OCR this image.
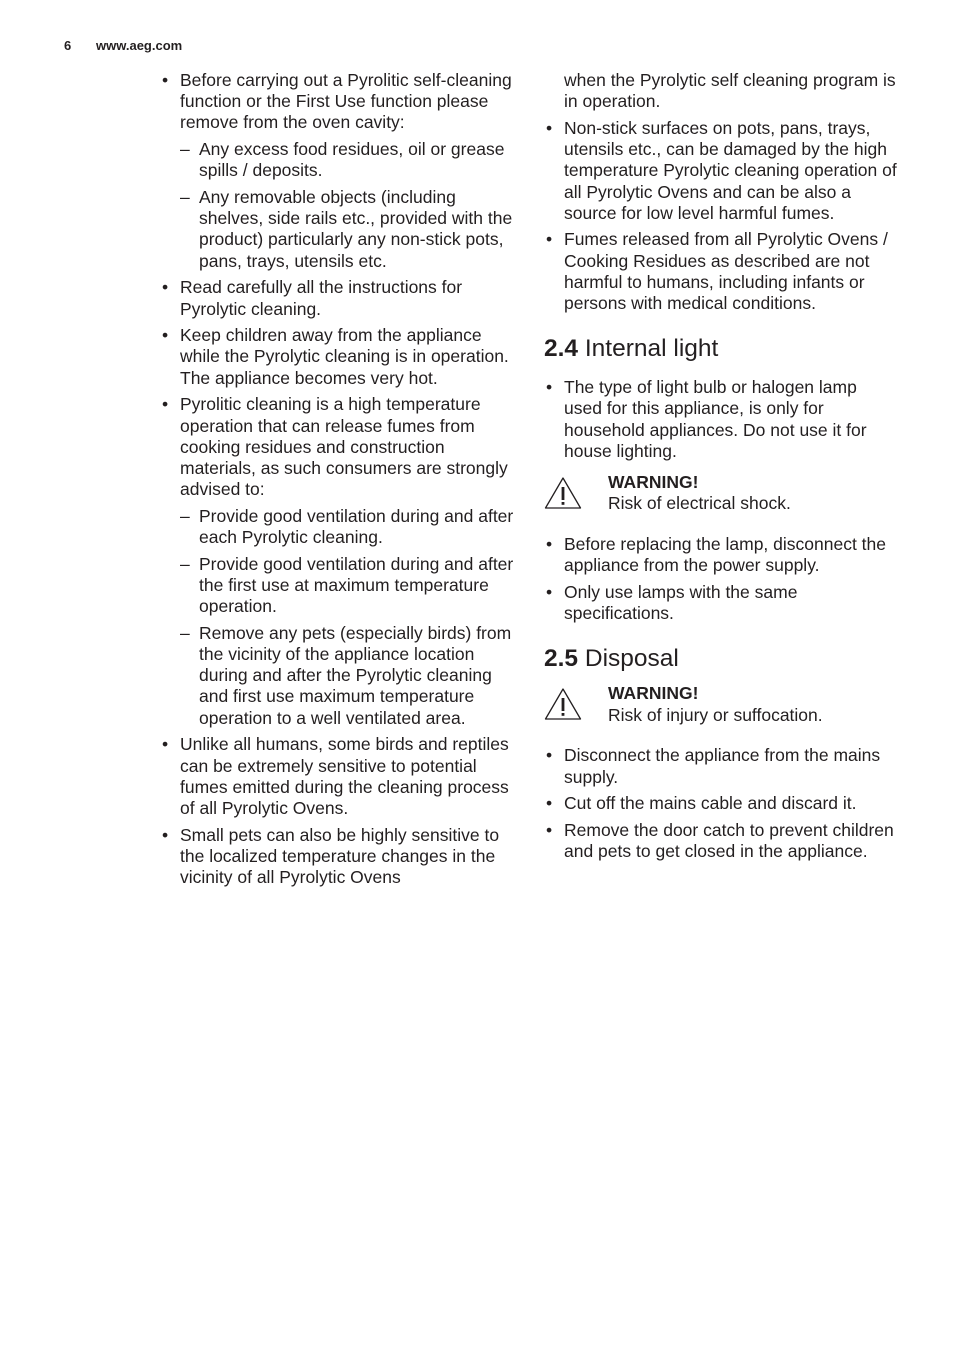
6 www.aeg.com
• Before carrying out a Pyrolitic self-cleaning function or the First Use function please remove from the oven cavity:
– Any excess food residues, oil or grease spills / deposits.
– Any removable objects (including shelves, side rails etc., provided with the product) particularly any non-stick pots, pans, trays, utensils etc.
• Read carefully all the instructions for Pyrolytic cleaning.
• Keep children away from the appliance while the Pyrolytic cleaning is in operation. The appliance becomes very hot.
• Pyrolitic cleaning is a high temperature operation that can release fumes from cooking residues and construction materials, as such consumers are strongly advised to:
– Provide good ventilation during and after each Pyrolytic cleaning.
– Provide good ventilation during and after the first use at maximum temperature operation.
– Remove any pets (especially birds) from the vicinity of the appliance location during and after the Pyrolytic cleaning and first use maximum temperature operation to a well ventilated area.
• Unlike all humans, some birds and reptiles can be extremely sensitive to potential fumes emitted during the cleaning process of all Pyrolytic Ovens.
• Small pets can also be highly sensitive to the localized temperature changes in the vicinity of all Pyrolytic Ovens
when the Pyrolytic self cleaning program is in operation.
• Non-stick surfaces on pots, pans, trays, utensils etc., can be damaged by the high temperature Pyrolytic cleaning operation of all Pyrolytic Ovens and can be also a source for low level harmful fumes.
• Fumes released from all Pyrolytic Ovens / Cooking Residues as described are not harmful to humans, including infants or persons with medical conditions.
2.4 Internal light
• The type of light bulb or halogen lamp used for this appliance, is only for household appliances. Do not use it for house lighting.
WARNING!
Risk of electrical shock.
• Before replacing the lamp, disconnect the appliance from the power supply.
• Only use lamps with the same specifications.
2.5 Disposal
WARNING!
Risk of injury or suffocation.
• Disconnect the appliance from the mains supply.
• Cut off the mains cable and discard it.
• Remove the door catch to prevent children and pets to get closed in the appliance.
